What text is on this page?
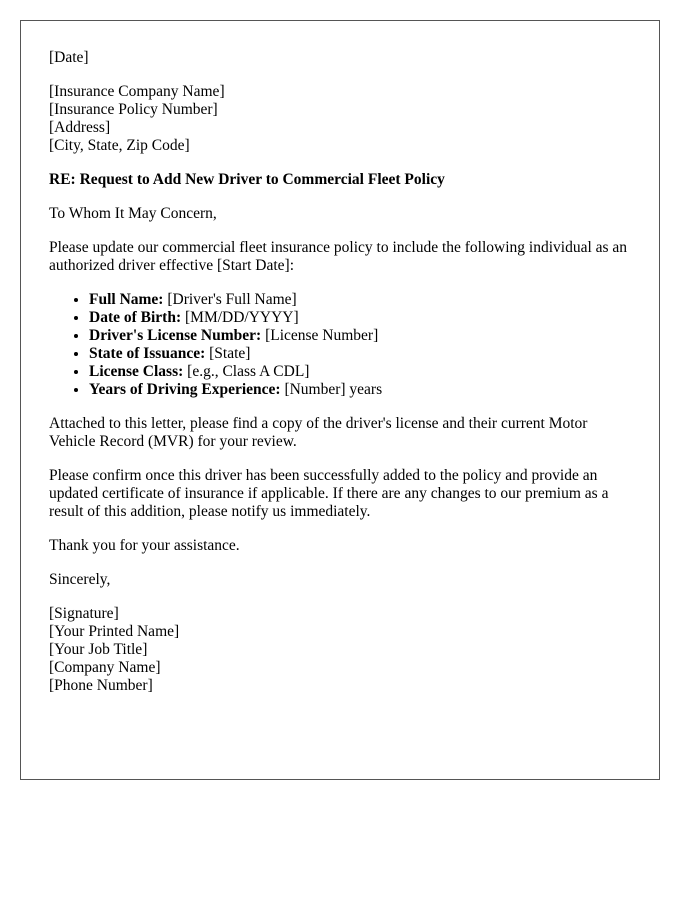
[Date]
[Insurance Company Name]
[Insurance Policy Number]
[Address]
[City, State, Zip Code]

RE: Request to Add New Driver to Commercial Fleet Policy

To Whom It May Concern,

Please update our commercial fleet insurance policy to include the following individual as an authorized driver effective [Start Date]:

• Full Name: [Driver's Full Name]
• Date of Birth: [MM/DD/YYYY]
• Driver's License Number: [License Number]
• State of Issuance: [State]
• License Class: [e.g., Class A CDL]
• Years of Driving Experience: [Number] years

Attached to this letter, please find a copy of the driver's license and their current Motor Vehicle Record (MVR) for your review.

Please confirm once this driver has been successfully added to the policy and provide an updated certificate of insurance if applicable. If there are any changes to our premium as a result of this addition, please notify us immediately.

Thank you for your assistance.

Sincerely,

[Signature]
[Your Printed Name]
[Your Job Title]
[Company Name]
[Phone Number]
